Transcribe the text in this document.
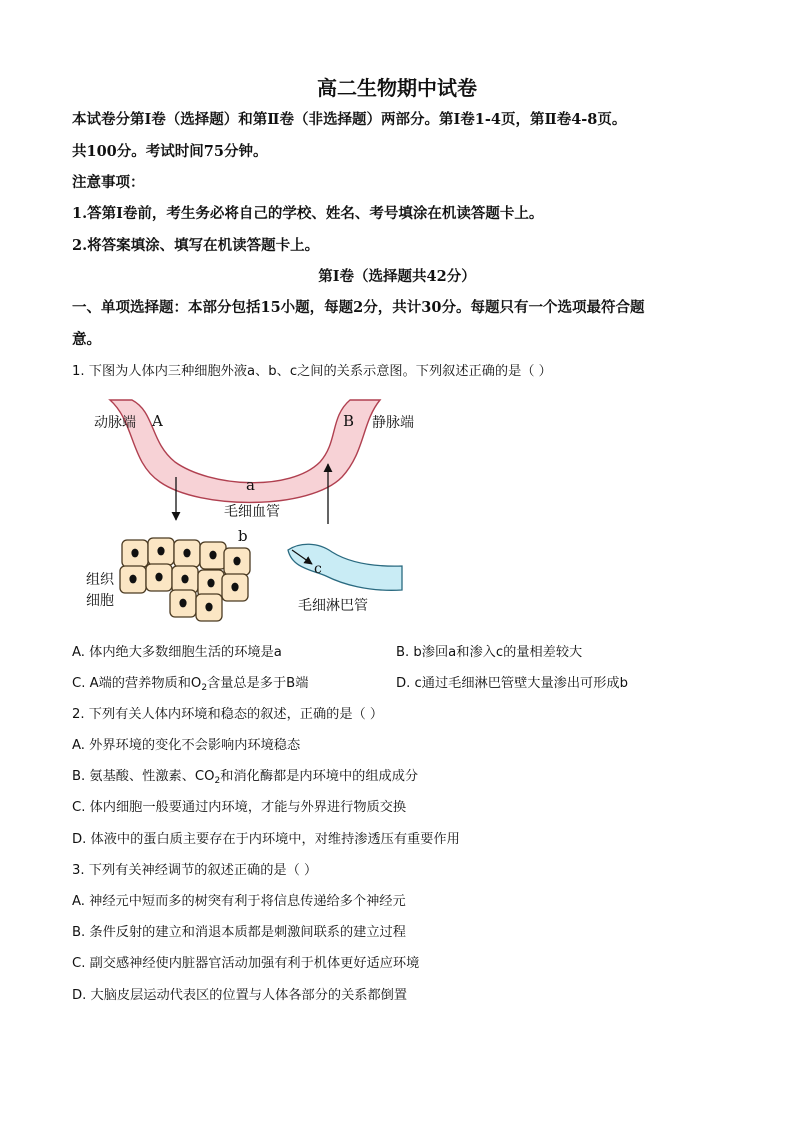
高二生物期中试卷
本试卷分第Ⅰ卷（选择题）和第Ⅱ卷（非选择题）两部分。第Ⅰ卷1-4页，第Ⅱ卷4-8页。
共100分。考试时间75分钟。
注意事项：
1.答第Ⅰ卷前，考生务必将自己的学校、姓名、考号填涂在机读答题卡上。
2.将答案填涂、填写在机读答题卡上。
第Ⅰ卷（选择题共42分）
一、单项选择题：本部分包括15小题，每题2分，共计30分。每题只有一个选项最符合题
意。
1. 下图为人体内三种细胞外液a、b、c之间的关系示意图。下列叙述正确的是（ ）
动脉端 A	B 静脉端
a
毛细血管
b
c
组织
细胞	毛细淋巴管
A. 体内绝大多数细胞生活的环境是a	B. b渗回a和渗入c的量相差较大
C. A端的营养物质和$O_2$含量总是多于B端	D. c通过毛细淋巴管壁大量渗出可形成b
2. 下列有关人体内环境和稳态的叙述，正确的是（ ）
A. 外界环境的变化不会影响内环境稳态
B. 氨基酸、性激素、$CO_2$和消化酶都是内环境中的组成成分
C. 体内细胞一般要通过内环境，才能与外界进行物质交换
D. 体液中的蛋白质主要存在于内环境中，对维持渗透压有重要作用
3. 下列有关神经调节的叙述正确的是（ ）
A. 神经元中短而多的树突有利于将信息传递给多个神经元
B. 条件反射的建立和消退本质都是刺激间联系的建立过程
C. 副交感神经使内脏器官活动加强有利于机体更好适应环境
D. 大脑皮层运动代表区的位置与人体各部分的关系都倒置
